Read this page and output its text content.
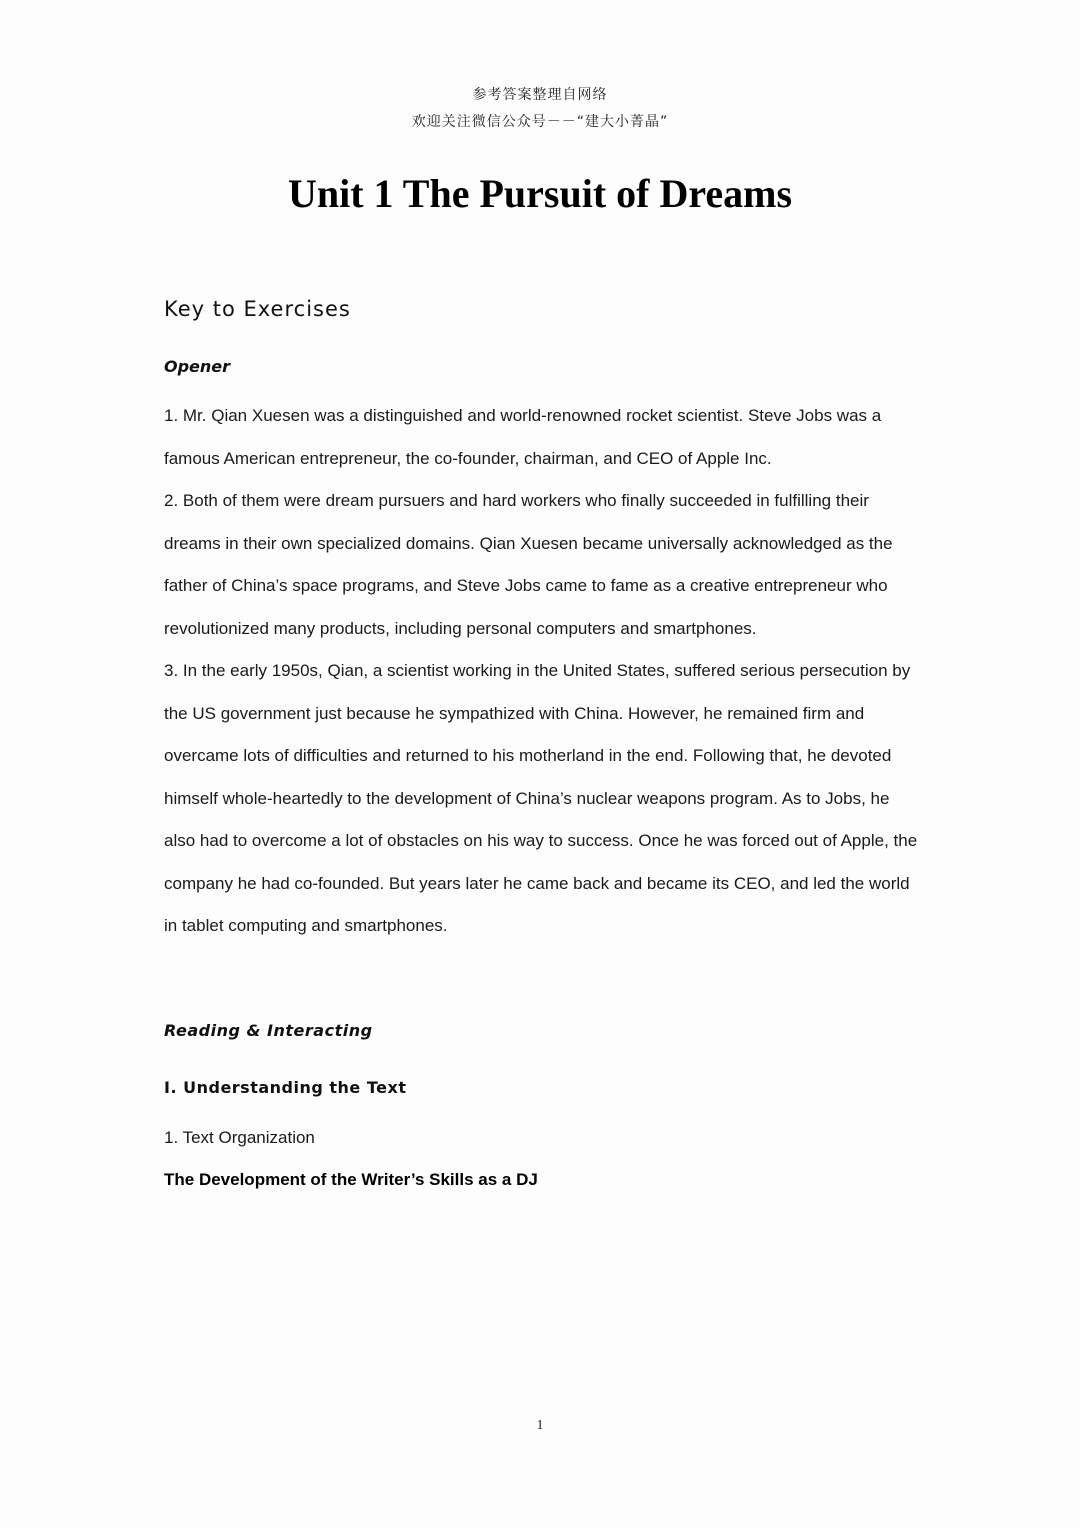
参考答案整理自网络
欢迎关注微信公众号－－“建大小菁晶”
Unit 1 The Pursuit of Dreams
Key to Exercises
Opener

1. Mr. Qian Xuesen was a distinguished and world-renowned rocket scientist. Steve Jobs was a famous American entrepreneur, the co-founder, chairman, and CEO of Apple Inc.

2. Both of them were dream pursuers and hard workers who finally succeeded in fulfilling their dreams in their own specialized domains. Qian Xuesen became universally acknowledged as the father of China’s space programs, and Steve Jobs came to fame as a creative entrepreneur who revolutionized many products, including personal computers and smartphones.

3. In the early 1950s, Qian, a scientist working in the United States, suffered serious persecution by the US government just because he sympathized with China. However, he remained firm and overcame lots of difficulties and returned to his motherland in the end. Following that, he devoted himself whole-heartedly to the development of China’s nuclear weapons program. As to Jobs, he also had to overcome a lot of obstacles on his way to success. Once he was forced out of Apple, the company he had co-founded. But years later he came back and became its CEO, and led the world in tablet computing and smartphones.

Reading & Interacting
I. Understanding the Text
1. Text Organization
The Development of the Writer’s Skills as a DJ
1
